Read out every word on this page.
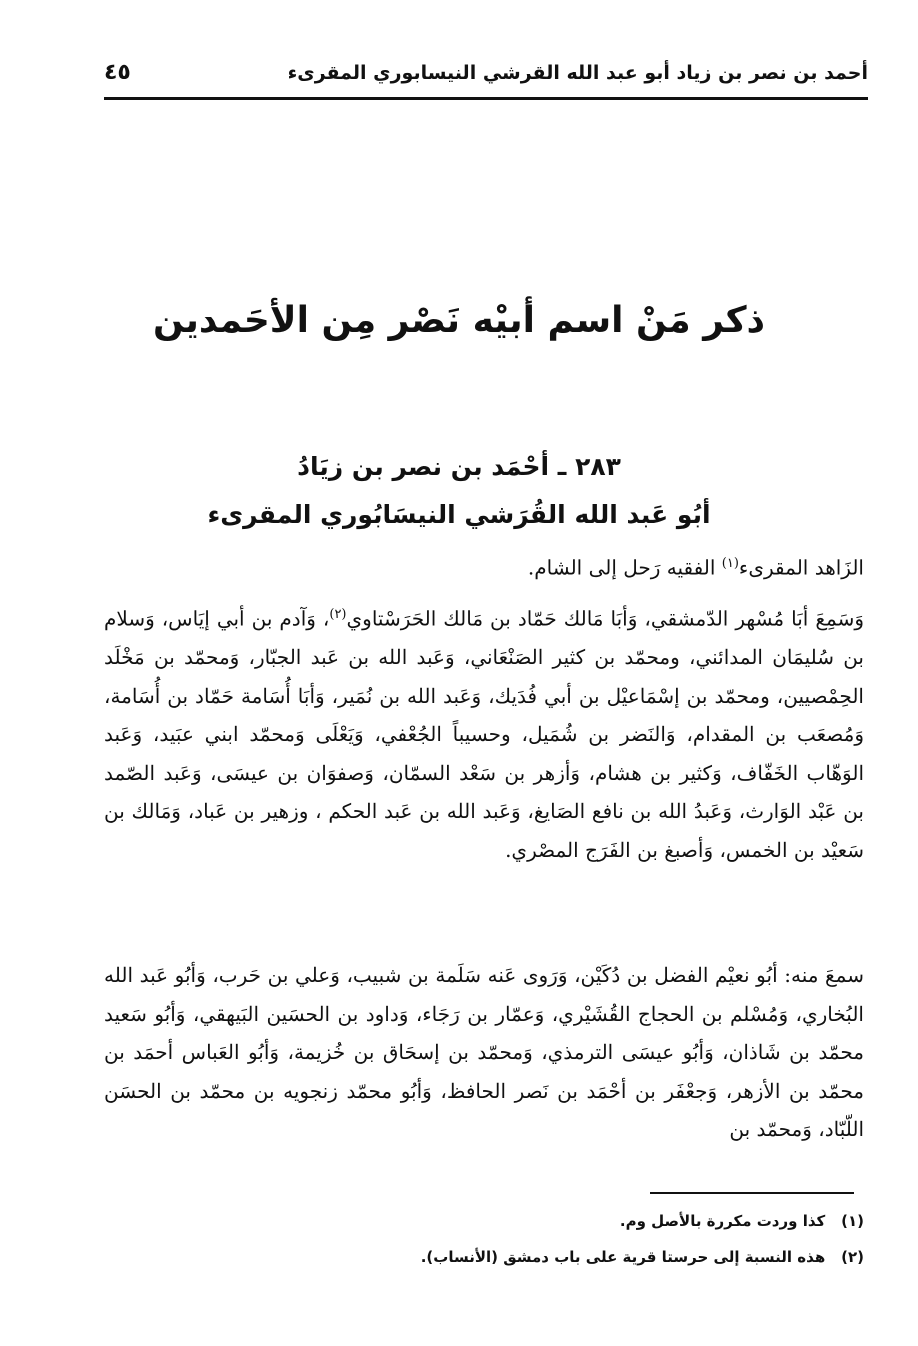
أحمد بن نصر بن زياد أبو عبد الله القرشي النيسابوري المقرىء
٤٥
ذكر مَنْ اسم أبيْه نَصْر مِن الأحَمدين
٢٨٣ ـ أحْمَد بن نصر بن زيَادُ
أبُو عَبد الله القُرَشي النيسَابُوري المقرىء
الزَاهد المقرىء$^{(١)}$ الفقيه رَحل إلى الشام.
وَسَمِعَ أبَا مُسْهر الدّمشقي، وَأبَا مَالك حَمّاد بن مَالك الحَرَسْتاوي$^{(٢)}$، وَآدم بن أبي إيَاس، وَسلام بن سُليمَان المدائني، ومحمّد بن كثير الصَنْعَاني، وَعَبد الله بن عَبد الجبّار، وَمحمّد بن مَخْلَد الحِمْصيين، ومحمّد بن إسْمَاعيْل بن أبي فُدَيك، وَعَبد الله بن نُمَير، وَأبَا أُسَامة حَمّاد بن أُسَامة، وَمُصعَب بن المقدام، وَالنَضر بن شُمَيل، وحسيباً الجُعْفي، وَيَعْلَى وَمحمّد ابني عبَيد، وَعَبد الوَهّاب الخَفّاف، وَكثير بن هشام، وَأزهر بن سَعْد السمّان، وَصفوَان بن عيسَى، وَعَبد الصّمد بن عَبْد الوَارث، وَعَبدُ الله بن نافع الصَايغ، وَعَبد الله بن عَبد الحكم ، وزهير بن عَباد، وَمَالك بن سَعيْد بن الخمس، وَأصبغ بن الفَرَج المصْري.
سمعَ منه: أبُو نعيْم الفضل بن دُكَيْن، وَرَوى عَنه سَلَمة بن شبيب، وَعلي بن حَرب، وَأبُو عَبد الله البُخاري، وَمُسْلم بن الحجاج القُشَيْري، وَعمّار بن رَجَاء، وَداود بن الحسَين البَيهقي، وَأبُو سَعيد محمّد بن شَاذان، وَأبُو عيسَى الترمذي، وَمحمّد بن إسحَاق بن خُزيمة، وَأبُو العَباس أحمَد بن محمّد بن الأزهر، وَجعْفَر بن أحْمَد بن نَصر الحافظ، وَأبُو محمّد زنجويه بن محمّد بن الحسَن اللّبّاد، وَمحمّد بن
(١) كذا وردت مكررة بالأصل وم.
(٢) هذه النسبة إلى حرستا قرية على باب دمشق (الأنساب).
